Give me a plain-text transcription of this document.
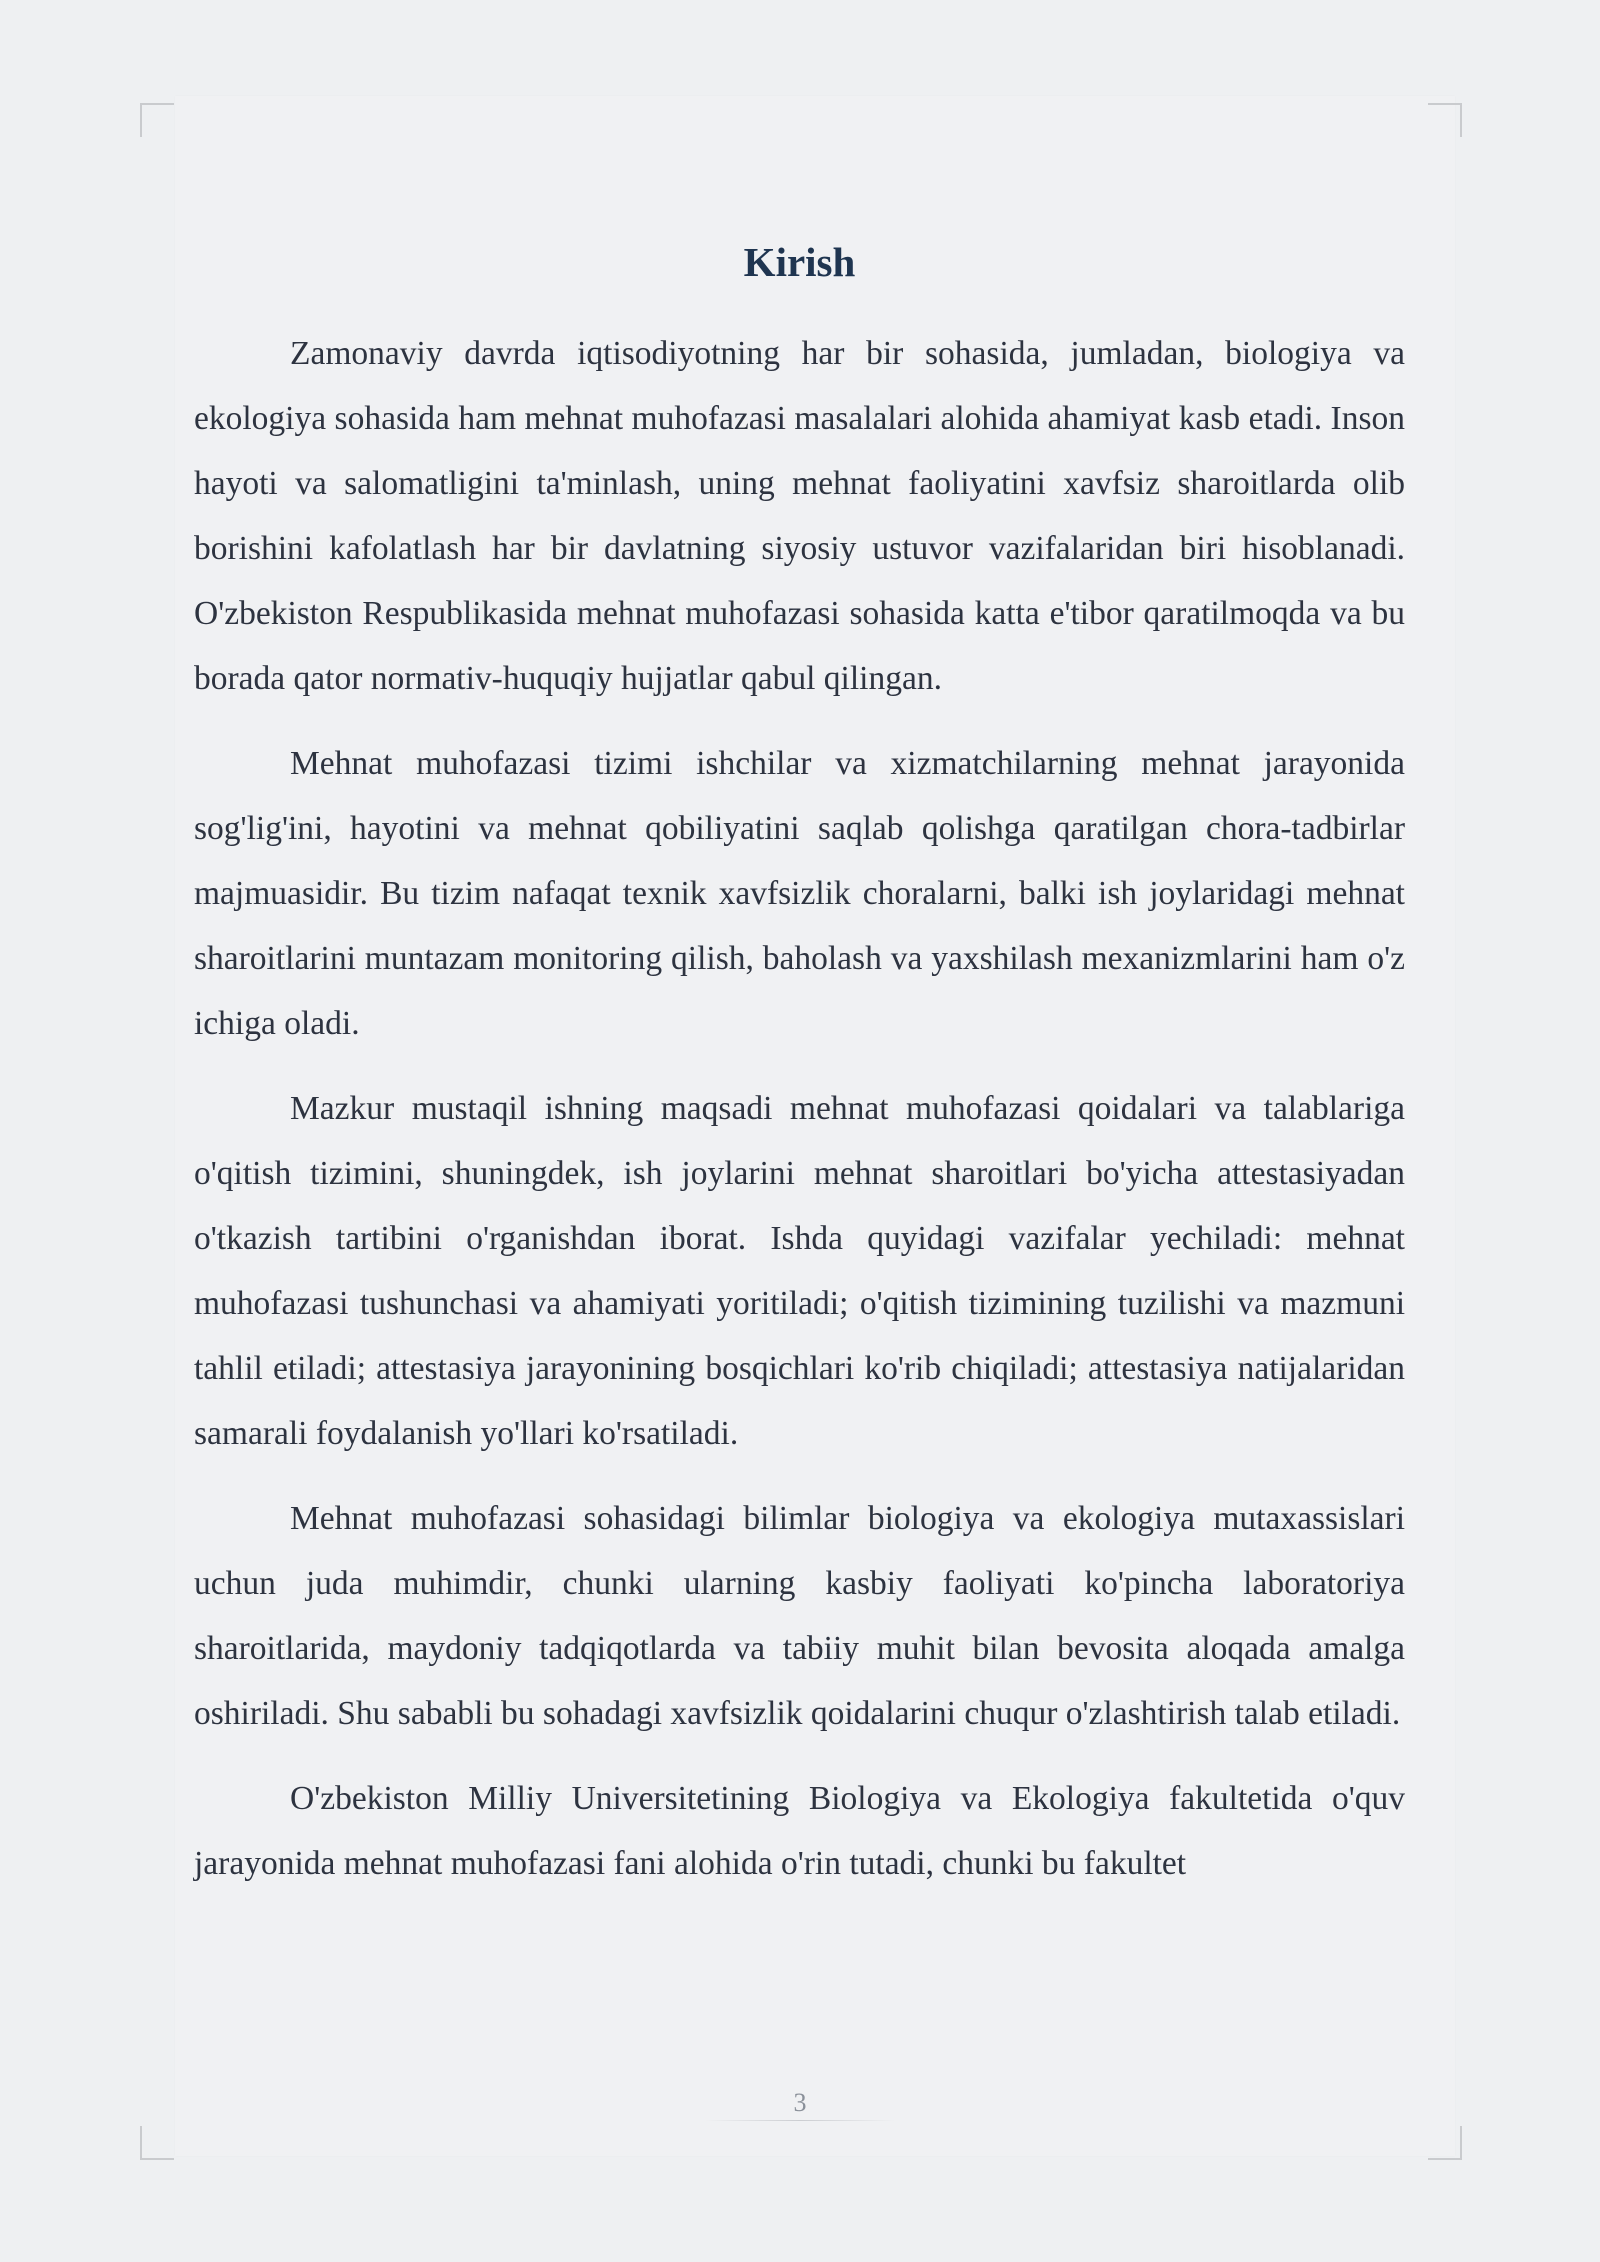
Kirish

Zamonaviy davrda iqtisodiyotning har bir sohasida, jumladan, biologiya va ekologiya sohasida ham mehnat muhofazasi masalalari alohida ahamiyat kasb etadi. Inson hayoti va salomatligini ta'minlash, uning mehnat faoliyatini xavfsiz sharoitlarda olib borishini kafolatlash har bir davlatning siyosiy ustuvor vazifalaridan biri hisoblanadi. O'zbekiston Respublikasida mehnat muhofazasi sohasida katta e'tibor qaratilmoqda va bu borada qator normativ-huquqiy hujjatlar qabul qilingan.

Mehnat muhofazasi tizimi ishchilar va xizmatchilarning mehnat jarayonida sog'lig'ini, hayotini va mehnat qobiliyatini saqlab qolishga qaratilgan chora-tadbirlar majmuasidir. Bu tizim nafaqat texnik xavfsizlik choralarni, balki ish joylaridagi mehnat sharoitlarini muntazam monitoring qilish, baholash va yaxshilash mexanizmlarini ham o'z ichiga oladi.

Mazkur mustaqil ishning maqsadi mehnat muhofazasi qoidalari va talablariga o'qitish tizimini, shuningdek, ish joylarini mehnat sharoitlari bo'yicha attestasiyadan o'tkazish tartibini o'rganishdan iborat. Ishda quyidagi vazifalar yechiladi: mehnat muhofazasi tushunchasi va ahamiyati yoritiladi; o'qitish tizimining tuzilishi va mazmuni tahlil etiladi; attestasiya jarayonining bosqichlari ko'rib chiqiladi; attestasiya natijalaridan samarali foydalanish yo'llari ko'rsatiladi.

Mehnat muhofazasi sohasidagi bilimlar biologiya va ekologiya mutaxassislari uchun juda muhimdir, chunki ularning kasbiy faoliyati ko'pincha laboratoriya sharoitlarida, maydoniy tadqiqotlarda va tabiiy muhit bilan bevosita aloqada amalga oshiriladi. Shu sababli bu sohadagi xavfsizlik qoidalarini chuqur o'zlashtirish talab etiladi.

O'zbekiston Milliy Universitetining Biologiya va Ekologiya fakultetida o'quv jarayonida mehnat muhofazasi fani alohida o'rin tutadi, chunki bu fakultet

3
